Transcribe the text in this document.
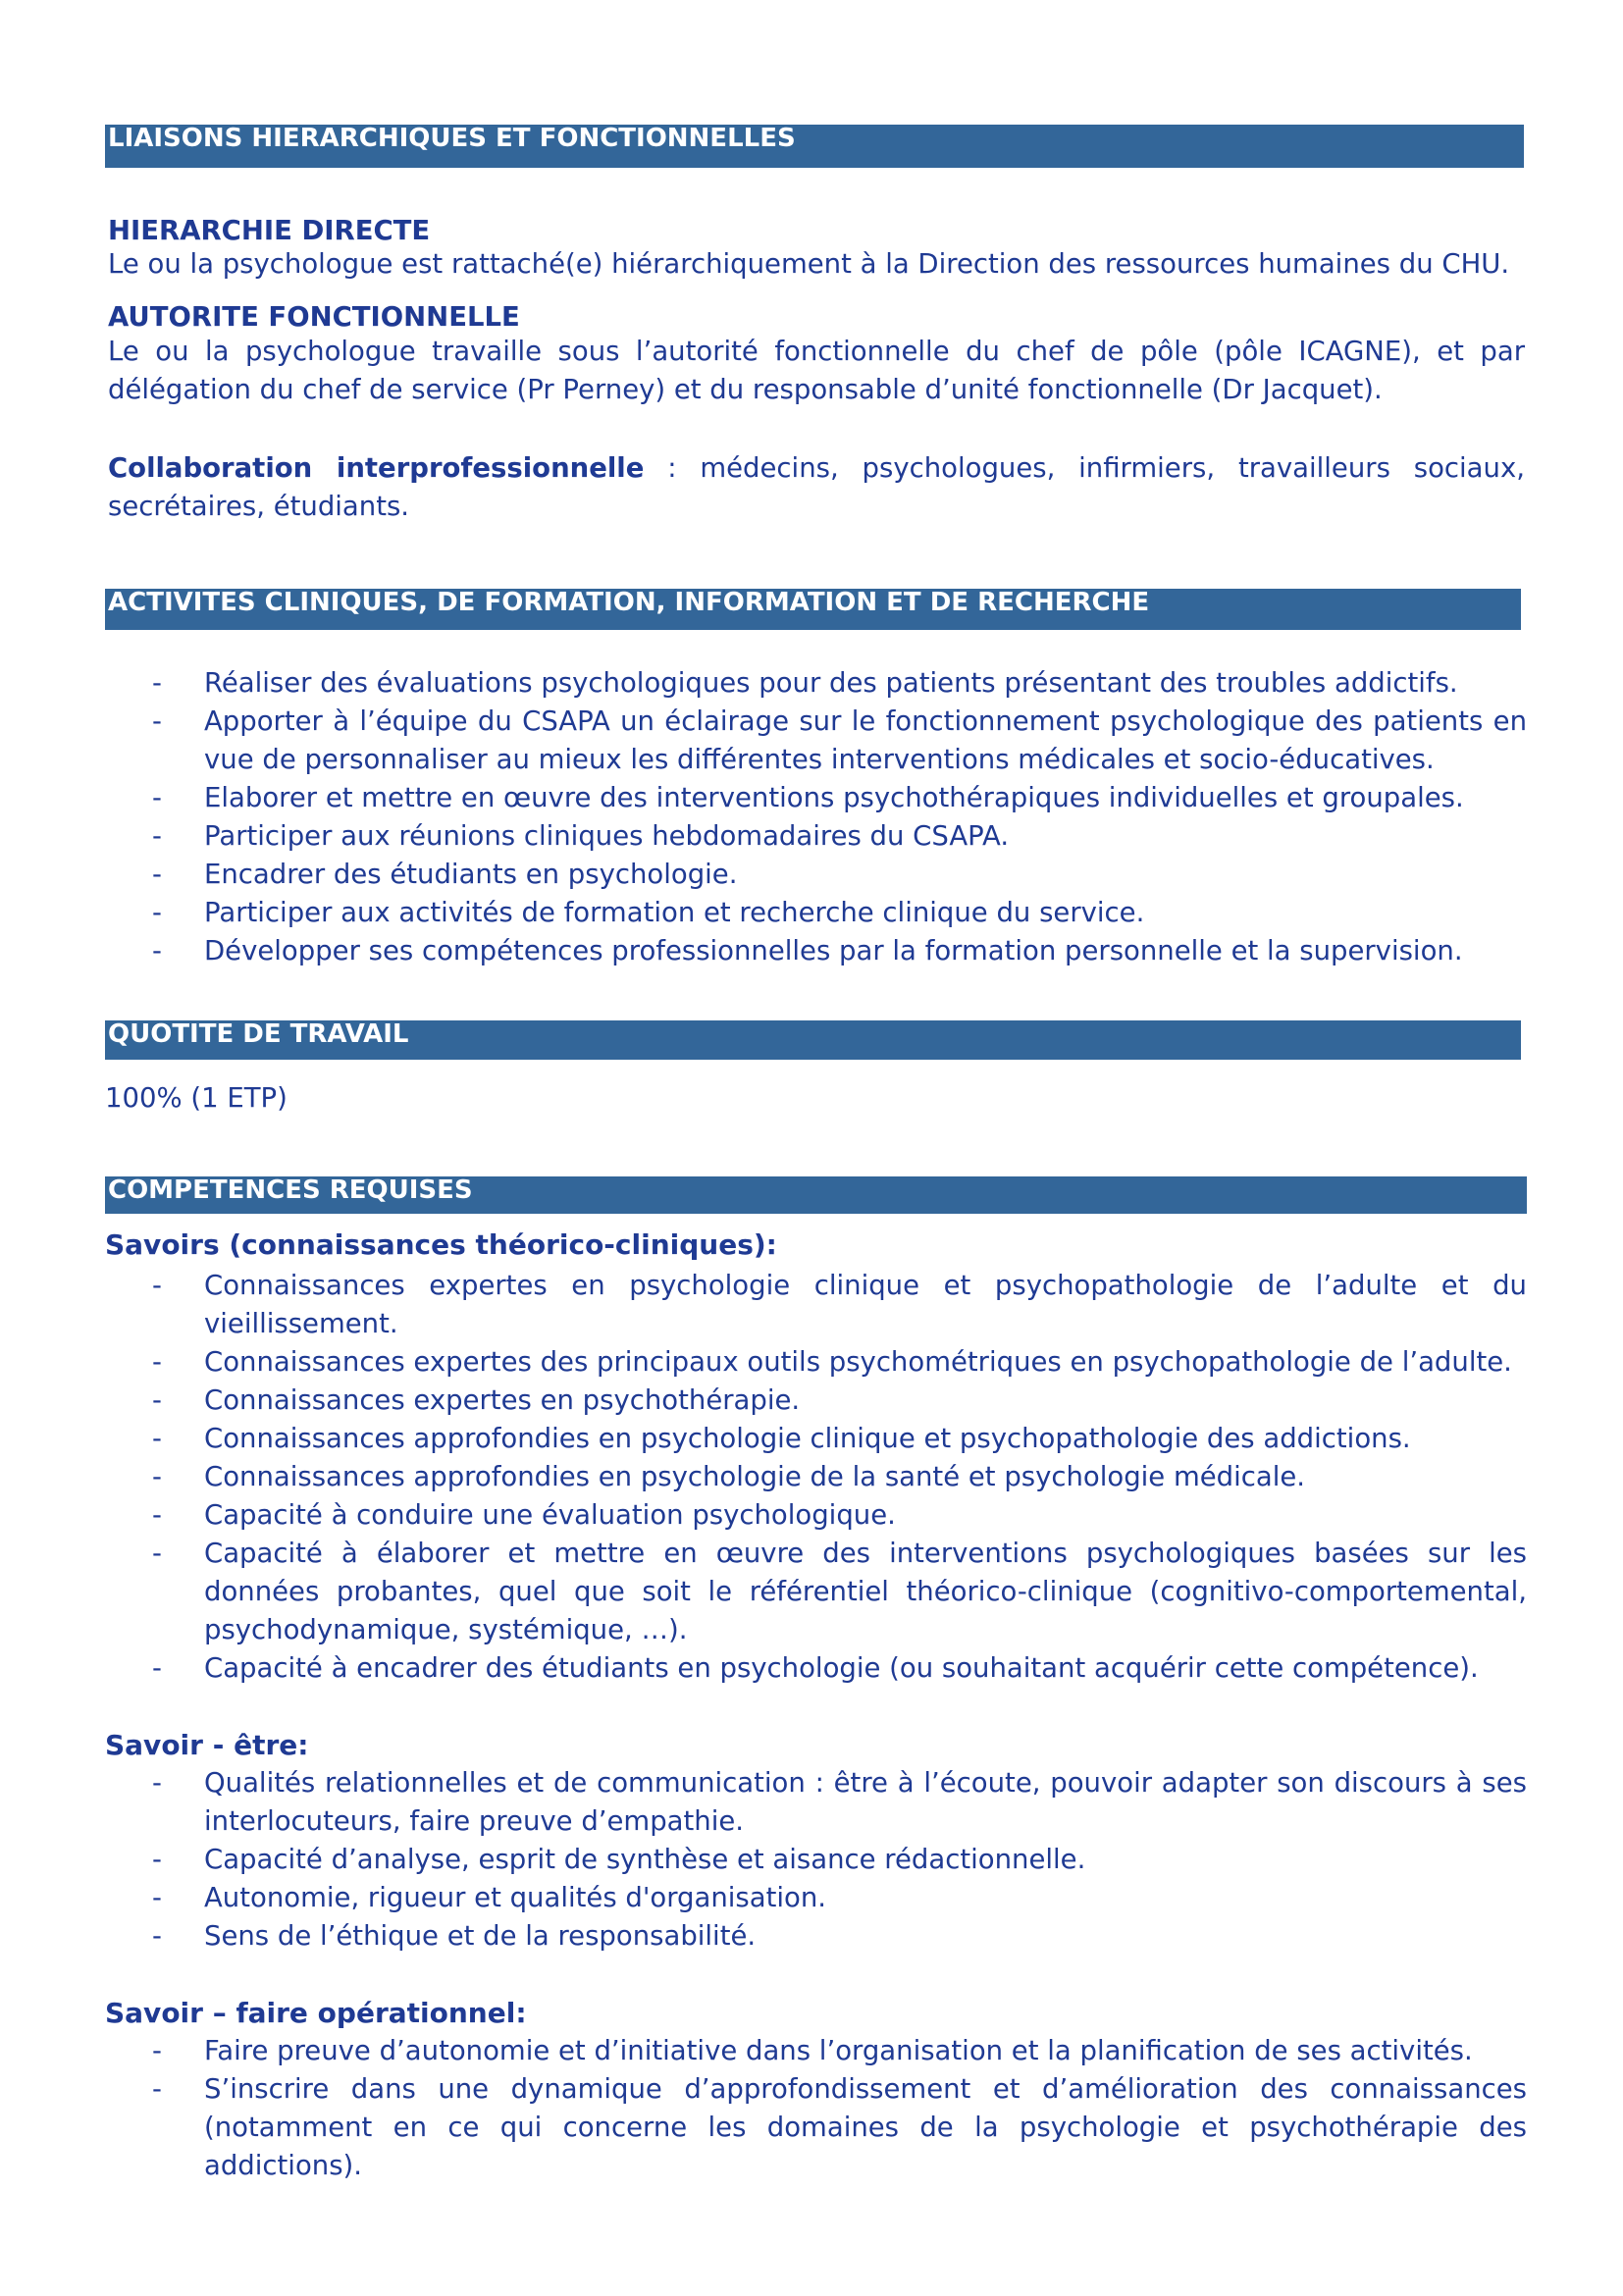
LIAISONS HIERARCHIQUES ET FONCTIONNELLES
HIERARCHIE DIRECTE
Le ou la psychologue est rattaché(e) hiérarchiquement à la Direction des ressources humaines du CHU.
AUTORITE FONCTIONNELLE
Le ou la psychologue travaille sous l’autorité fonctionnelle du chef de pôle (pôle ICAGNE), et par
délégation du chef de service (Pr Perney) et du responsable d’unité fonctionnelle (Dr Jacquet).
Collaboration interprofessionnelle : médecins, psychologues, infirmiers, travailleurs sociaux,
secrétaires, étudiants.
ACTIVITES CLINIQUES, DE FORMATION, INFORMATION ET DE RECHERCHE
-	Réaliser des évaluations psychologiques pour des patients présentant des troubles addictifs.
-	Apporter à l’équipe du CSAPA un éclairage sur le fonctionnement psychologique des patients en vue de personnaliser au mieux les différentes interventions médicales et socio-éducatives.
-	Elaborer et mettre en œuvre des interventions psychothérapiques individuelles et groupales.
-	Participer aux réunions cliniques hebdomadaires du CSAPA.
-	Encadrer des étudiants en psychologie.
-	Participer aux activités de formation et recherche clinique du service.
-	Développer ses compétences professionnelles par la formation personnelle et la supervision.
QUOTITE DE TRAVAIL
100% (1 ETP)
COMPETENCES REQUISES
Savoirs (connaissances théorico-cliniques):
-	Connaissances expertes en psychologie clinique et psychopathologie de l’adulte et du vieillissement.
-	Connaissances expertes des principaux outils psychométriques en psychopathologie de l’adulte.
-	Connaissances expertes en psychothérapie.
-	Connaissances approfondies en psychologie clinique et psychopathologie des addictions.
-	Connaissances approfondies en psychologie de la santé et psychologie médicale.
-	Capacité à conduire une évaluation psychologique.
-	Capacité à élaborer et mettre en œuvre des interventions psychologiques basées sur les données probantes, quel que soit le référentiel théorico-clinique (cognitivo-comportemental, psychodynamique, systémique, …).
-	Capacité à encadrer des étudiants en psychologie (ou souhaitant acquérir cette compétence).
Savoir - être:
-	Qualités relationnelles et de communication : être à l’écoute, pouvoir adapter son discours à ses interlocuteurs, faire preuve d’empathie.
-	Capacité d’analyse, esprit de synthèse et aisance rédactionnelle.
-	Autonomie, rigueur et qualités d'organisation.
-	Sens de l’éthique et de la responsabilité.
Savoir – faire opérationnel:
-	Faire preuve d’autonomie et d’initiative dans l’organisation et la planification de ses activités.
-	S’inscrire dans une dynamique d’approfondissement et d’amélioration des connaissances (notamment en ce qui concerne les domaines de la psychologie et psychothérapie des addictions).
